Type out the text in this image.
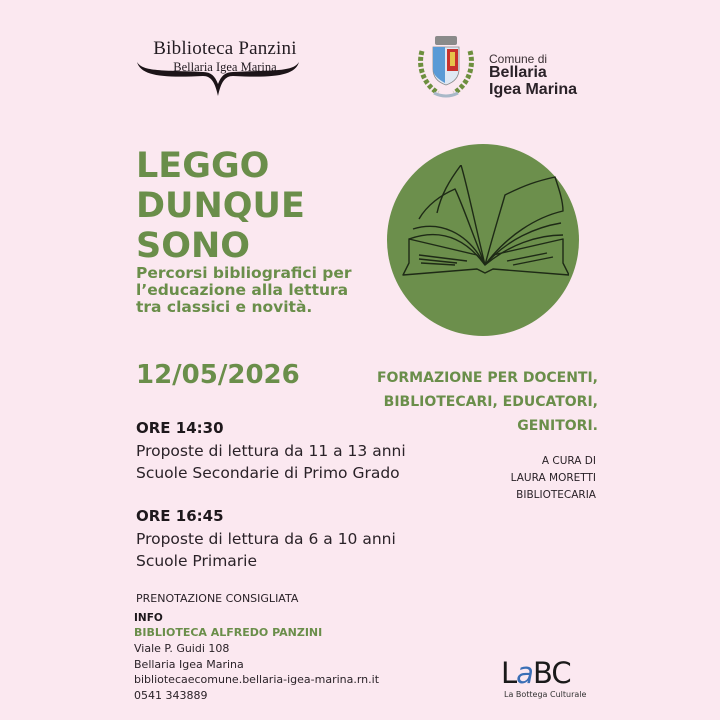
Biblioteca Panzini
Bellaria Igea Marina
Comune di
Bellaria
Igea Marina
LEGGO
DUNQUE
SONO
Percorsi bibliografici per l’educazione alla lettura tra classici e novità.
12/05/2026	FORMAZIONE PER DOCENTI,
BIBLIOTECARI, EDUCATORI,
GENITORI.
ORE 14:30
Proposte di lettura da 11 a 13 anni
Scuole Secondarie di Primo Grado
ORE 16:45
Proposte di lettura da 6 a 10 anni
Scuole Primarie
A CURA DI
LAURA MORETTI
BIBLIOTECARIA
PRENOTAZIONE CONSIGLIATA
INFO
BIBLIOTECA ALFREDO PANZINI
Viale P. Guidi 108
Bellaria Igea Marina
bibliotecaecomune.bellaria-igea-marina.rn.it
0541 343889
LaBC
La Bottega Culturale
